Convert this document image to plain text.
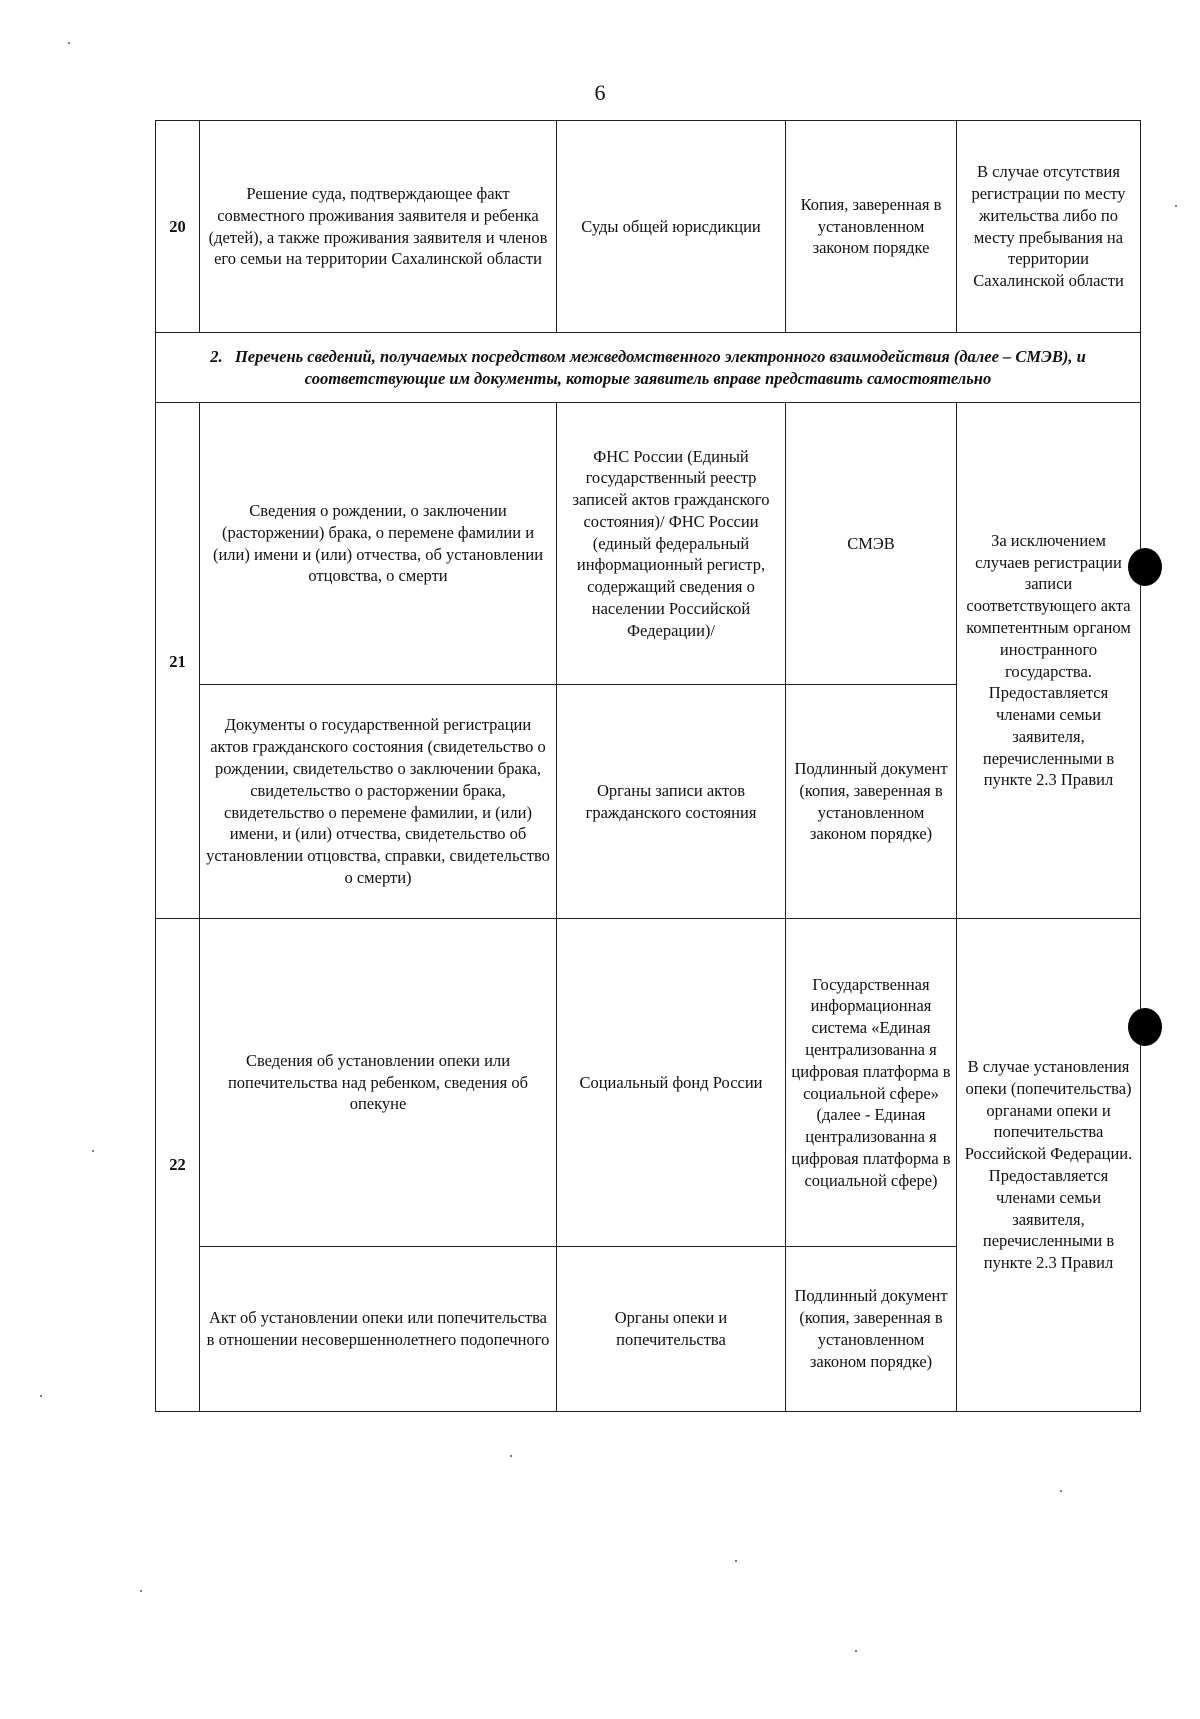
6
20	Решение суда, подтверждающее факт совместного проживания заявителя и ребенка (детей), а также проживания заявителя и членов его семьи на территории Сахалинской области	Суды общей юрисдикции	Копия, заверенная в установленном законом порядке	В случае отсутствия регистрации по месту жительства либо по месту пребывания на территории Сахалинской области
2. Перечень сведений, получаемых посредством межведомственного электронного взаимодействия (далее – СМЭВ), и соответствующие им документы, которые заявитель вправе представить самостоятельно				
21	Сведения о рождении, о заключении (расторжении) брака, о перемене фамилии и (или) имени и (или) отчества, об установлении отцовства, о смерти	ФНС России (Единый государственный реестр записей актов гражданского состояния)/ ФНС России (единый федеральный информационный регистр, содержащий сведения о населении Российской Федерации)/	СМЭВ	За исключением случаев регистрации записи соответствующего акта компетентным органом иностранного государства. Предоставляется членами семьи заявителя, перечисленными в пункте 2.3 Правил
	Документы о государственной регистрации актов гражданского состояния (свидетельство о рождении, свидетельство о заключении брака, свидетельство о расторжении брака, свидетельство о перемене фамилии, и (или) имени, и (или) отчества, свидетельство об установлении отцовства, справки, свидетельство о смерти)	Органы записи актов гражданского состояния	Подлинный документ (копия, заверенная в установленном законом порядке)	
22	Сведения об установлении опеки или попечительства над ребенком, сведения об опекуне	Социальный фонд России	Государственная информационная система «Единая централизованна я цифровая платформа в социальной сфере» (далее - Единая централизованна я цифровая платформа в социальной сфере)	В случае установления опеки (попечительства) органами опеки и попечительства Российской Федерации. Предоставляется членами семьи заявителя, перечисленными в пункте 2.3 Правил
	Акт об установлении опеки или попечительства в отношении несовершеннолетнего подопечного	Органы опеки и попечительства	Подлинный документ (копия, заверенная в установленном законом порядке)	
